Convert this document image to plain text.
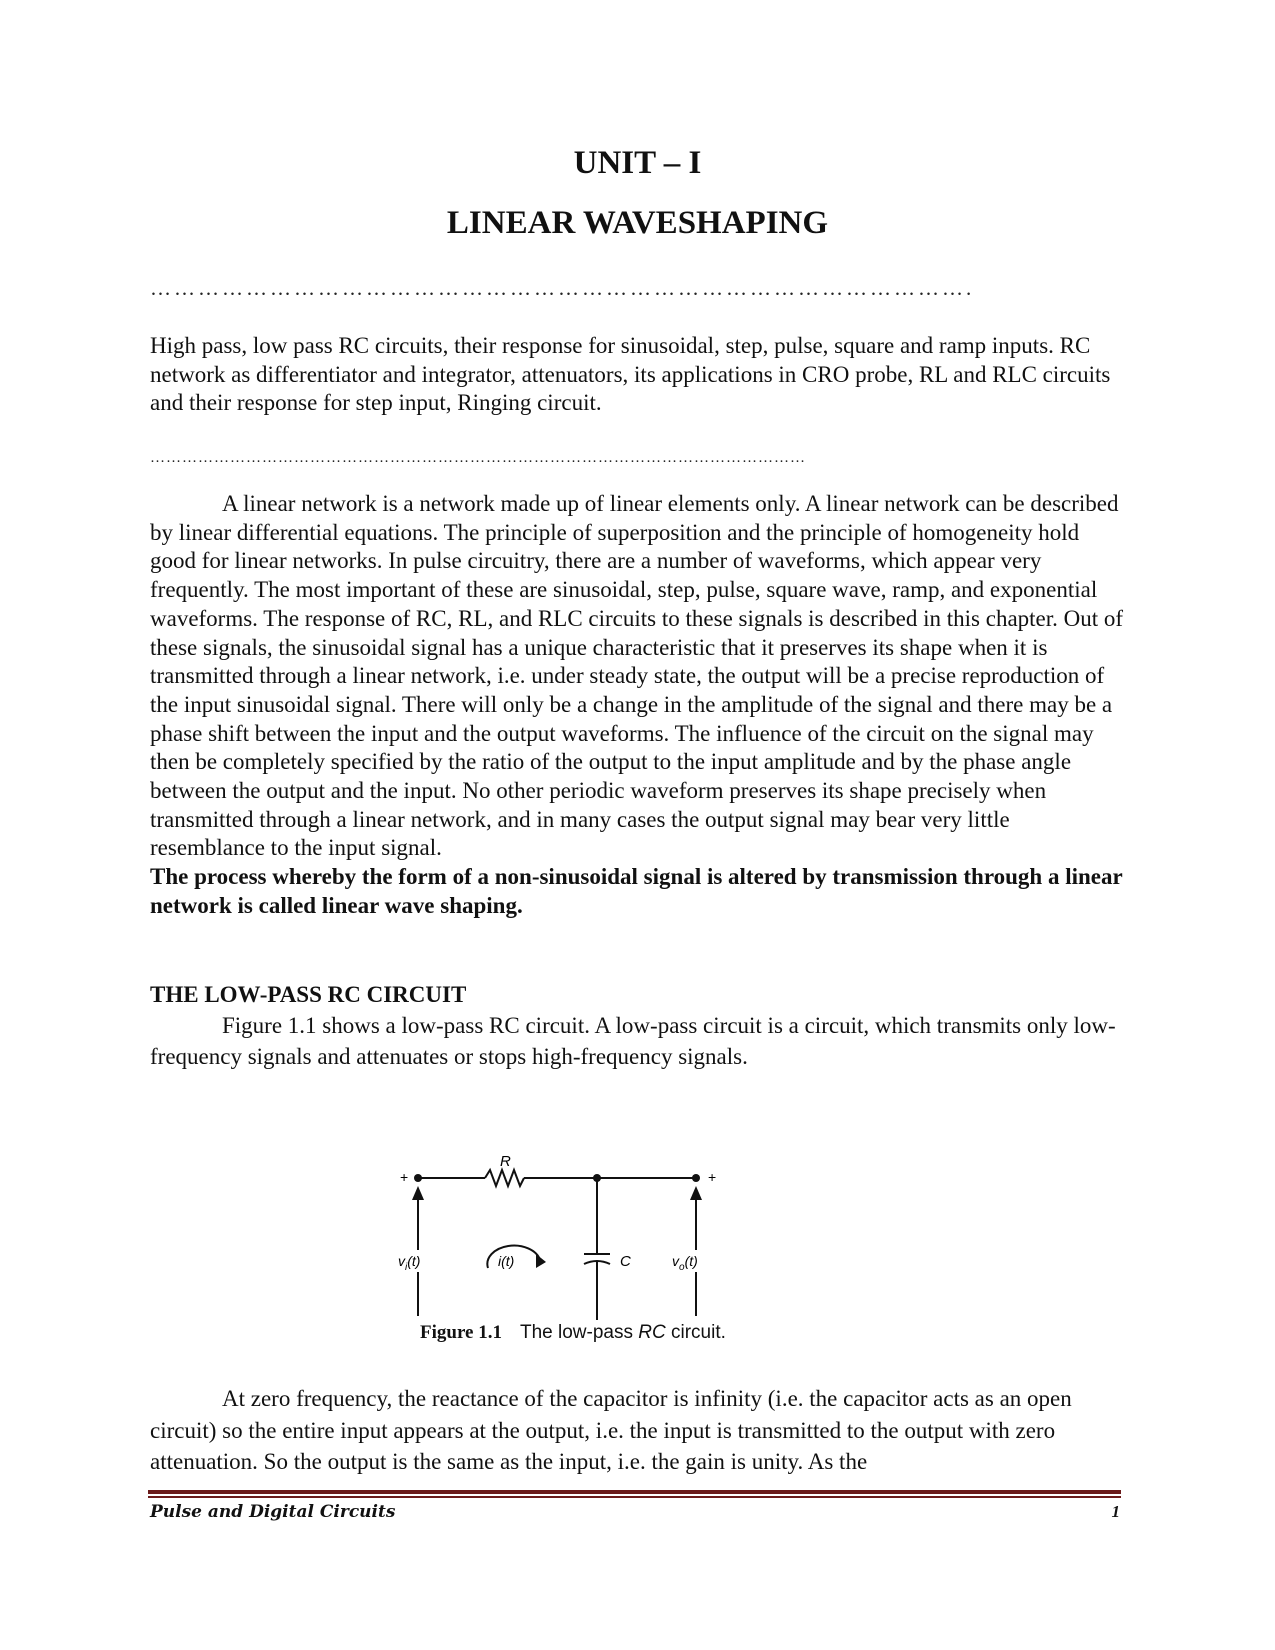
UNIT – I
LINEAR WAVESHAPING
………………………………………………………………………………………….

High pass, low pass RC circuits, their response for sinusoidal, step, pulse, square and ramp inputs. RC network as differentiator and integrator, attenuators, its applications in CRO probe, RL and RLC circuits and their response for step input, Ringing circuit.

……………………………………………………………………………………………………………

A linear network is a network made up of linear elements only. A linear network can be described by linear differential equations. The principle of superposition and the principle of homogeneity hold good for linear networks. In pulse circuitry, there are a number of waveforms, which appear very frequently. The most important of these are sinusoidal, step, pulse, square wave, ramp, and exponential waveforms. The response of RC, RL, and RLC circuits to these signals is described in this chapter. Out of these signals, the sinusoidal signal has a unique characteristic that it preserves its shape when it is transmitted through a linear network, i.e. under steady state, the output will be a precise reproduction of the input sinusoidal signal. There will only be a change in the amplitude of the signal and there may be a phase shift between the input and the output waveforms. The influence of the circuit on the signal may then be completely specified by the ratio of the output to the input amplitude and by the phase angle between the output and the input. No other periodic waveform preserves its shape precisely when transmitted through a linear network, and in many cases the output signal may bear very little resemblance to the input signal.

The process whereby the form of a non-sinusoidal signal is altered by transmission through a linear network is called linear wave shaping.

THE LOW-PASS RC CIRCUIT

Figure 1.1 shows a low-pass RC circuit. A low-pass circuit is a circuit, which transmits only low-frequency signals and attenuates or stops high-frequency signals.

R
C
+	+
$v_i(t)$	i(t)	$v_o(t)$
Figure 1.1 The low-pass RC circuit.

At zero frequency, the reactance of the capacitor is infinity (i.e. the capacitor acts as an open circuit) so the entire input appears at the output, i.e. the input is transmitted to the output with zero attenuation. So the output is the same as the input, i.e. the gain is unity. As the

Pulse and Digital Circuits	1
